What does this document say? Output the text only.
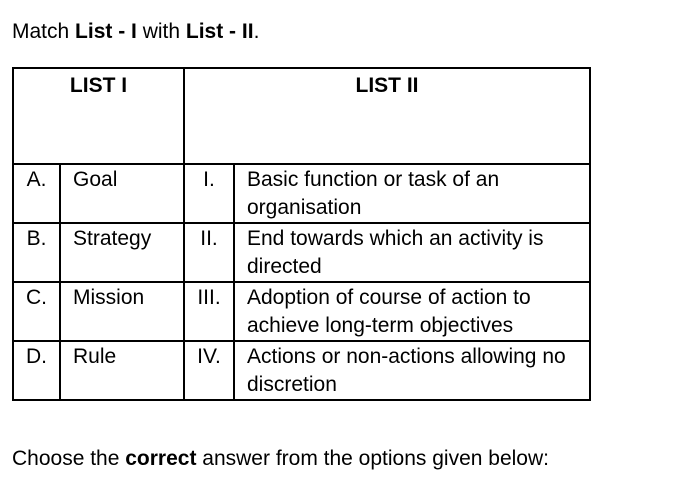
Match List - I with List - II.
LIST I		LIST II	

A.	Goal	I.	Basic function or task of an organisation

B.	Strategy	II.	End towards which an activity is directed

C.	Mission	III.	Adoption of course of action to achieve long-term objectives

D.	Rule	IV.	Actions or non-actions allowing no discretion
Choose the correct answer from the options given below:
